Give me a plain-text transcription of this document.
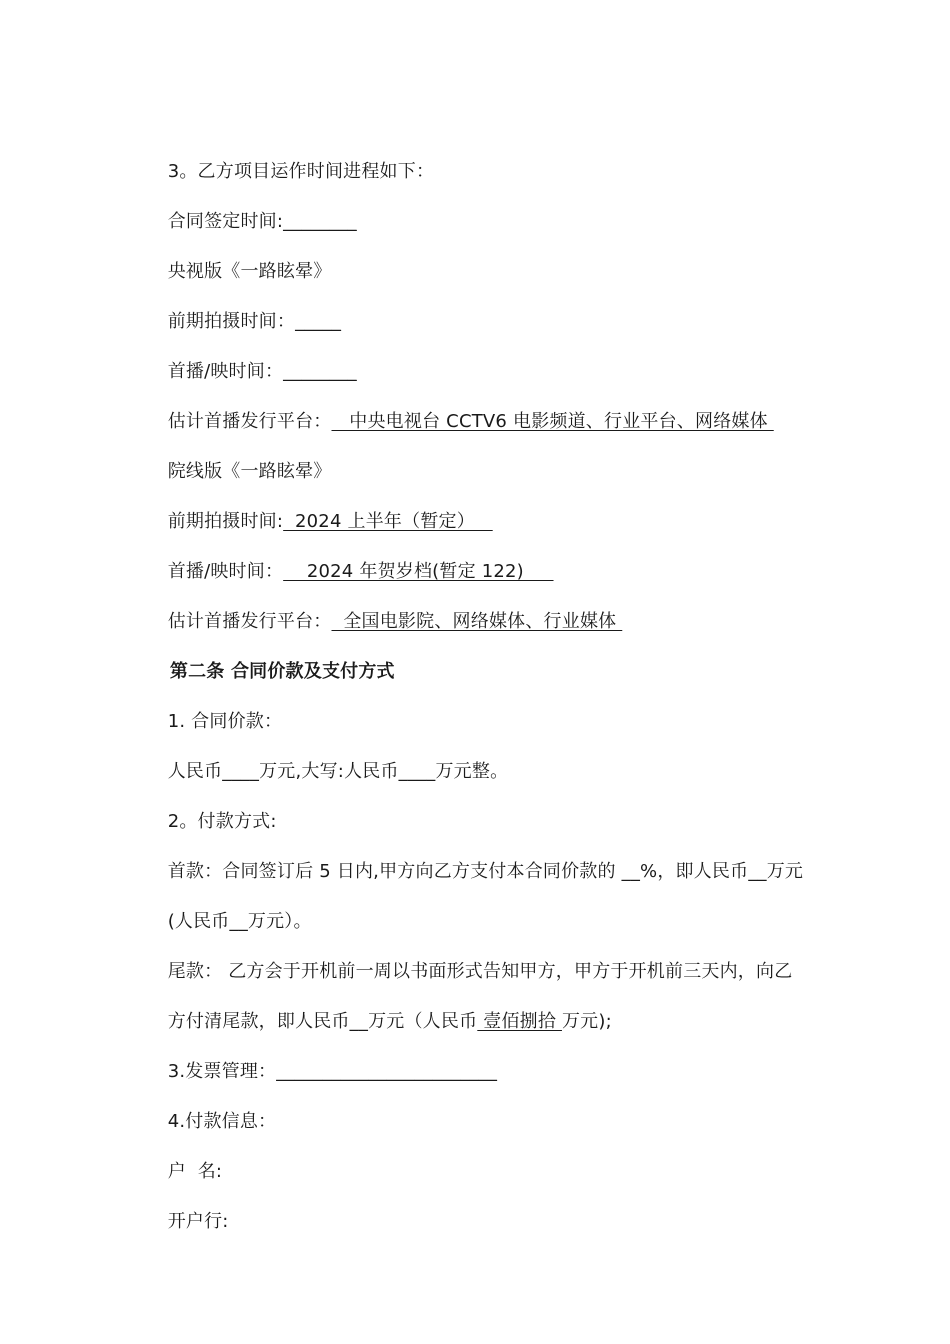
3。乙方项目运作时间进程如下：

合同签定时间:________

央视版《一路眩晕》

前期拍摄时间：_____

首播/映时间：________

估计首播发行平台：   中央电视台 CCTV6 电影频道、行业平台、网络媒体

院线版《一路眩晕》

前期拍摄时间:  2024 上半年（暂定）

首播/映时间：    2024 年贺岁档(暂定 122)

估计首播发行平台：  全国电影院、网络媒体、行业媒体

第二条 合同价款及支付方式

1. 合同价款：

人民币____万元,大写:人民币____万元整。

2。付款方式:

首款：合同签订后 5 日内,甲方向乙方支付本合同价款的 __%，即人民币__万元

(人民币__万元）。

尾款： 乙方会于开机前一周以书面形式告知甲方，甲方于开机前三天内，向乙

方付清尾款，即人民币__万元（人民币 壹佰捌拾 万元);

3.发票管理：________________________

4.付款信息：

户  名:

开户行:
